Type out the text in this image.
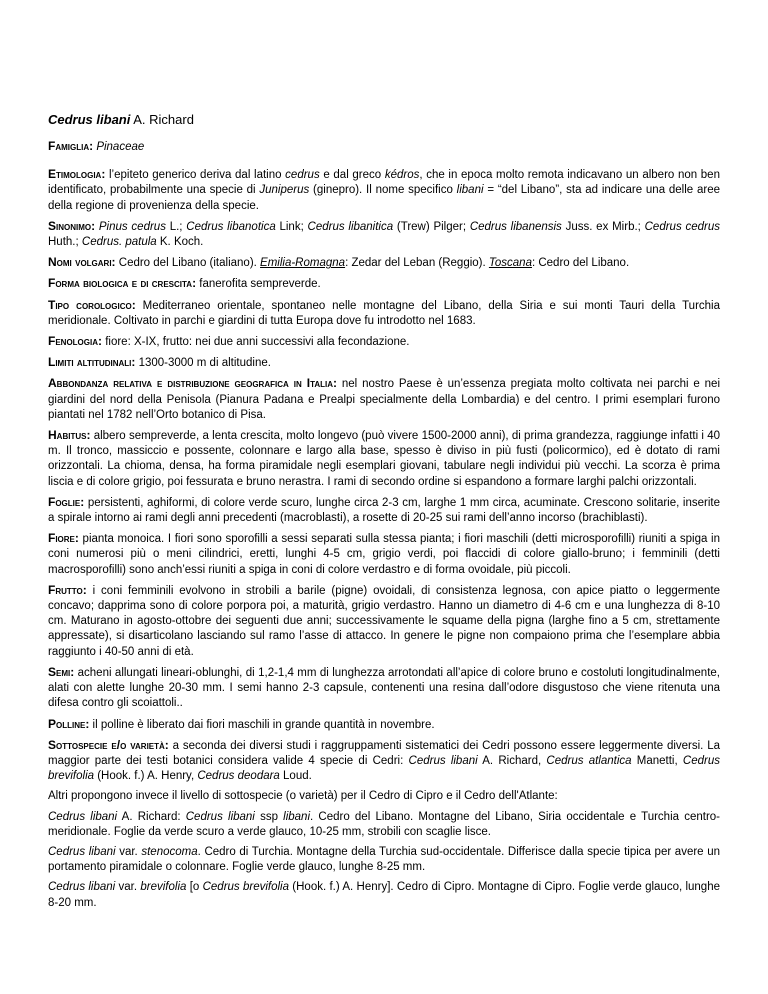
Cedrus libani A. Richard

Famiglia: Pinaceae

Etimologia: l’epiteto generico deriva dal latino cedrus e dal greco kédros, che in epoca molto remota indicavano un albero non ben identificato, probabilmente una specie di Juniperus (ginepro). Il nome specifico libani = “del Libano”, sta ad indicare una delle aree della regione di provenienza della specie.

Sinonimo: Pinus cedrus L.; Cedrus libanotica Link; Cedrus libanitica (Trew) Pilger; Cedrus libanensis Juss. ex Mirb.; Cedrus cedrus Huth.; Cedrus. patula K. Koch.

Nomi volgari: Cedro del Libano (italiano). Emilia-Romagna: Zedar del Leban (Reggio). Toscana: Cedro del Libano.

Forma biologica e di crescita: fanerofita sempreverde.

Tipo corologico: Mediterraneo orientale, spontaneo nelle montagne del Libano, della Siria e sui monti Tauri della Turchia meridionale. Coltivato in parchi e giardini di tutta Europa dove fu introdotto nel 1683.

Fenologia: fiore: X-IX, frutto: nei due anni successivi alla fecondazione.

Limiti altitudinali: 1300-3000 m di altitudine.

Abbondanza relativa e distribuzione geografica in Italia: nel nostro Paese è un’essenza pregiata molto coltivata nei parchi e nei giardini del nord della Penisola (Pianura Padana e Prealpi specialmente della Lombardia) e del centro. I primi esemplari furono piantati nel 1782 nell’Orto botanico di Pisa.

Habitus: albero sempreverde, a lenta crescita, molto longevo (può vivere 1500-2000 anni), di prima grandezza, raggiunge infatti i 40 m. Il tronco, massiccio e possente, colonnare e largo alla base, spesso è diviso in più fusti (policormico), ed è dotato di rami orizzontali. La chioma, densa, ha forma piramidale negli esemplari giovani, tabulare negli individui più vecchi. La scorza è prima liscia e di colore grigio, poi fessurata e bruno nerastra. I rami di secondo ordine si espandono a formare larghi palchi orizzontali.

Foglie: persistenti, aghiformi, di colore verde scuro, lunghe circa 2-3 cm, larghe 1 mm circa, acuminate. Crescono solitarie, inserite a spirale intorno ai rami degli anni precedenti (macroblasti), a rosette di 20-25 sui rami dell’anno incorso (brachiblasti).

Fiore: pianta monoica. I fiori sono sporofilli a sessi separati sulla stessa pianta; i fiori maschili (detti microsporofilli) riuniti a spiga in coni numerosi più o meni cilindrici, eretti, lunghi 4-5 cm, grigio verdi, poi flaccidi di colore giallo-bruno; i femminili (detti macrosporofilli) sono anch’essi riuniti a spiga in coni di colore verdastro e di forma ovoidale, più piccoli.

Frutto: i coni femminili evolvono in strobili a barile (pigne) ovoidali, di consistenza legnosa, con apice piatto o leggermente concavo; dapprima sono di colore porpora poi, a maturità, grigio verdastro. Hanno un diametro di 4-6 cm e una lunghezza di 8-10 cm. Maturano in agosto-ottobre dei seguenti due anni; successivamente le squame della pigna (larghe fino a 5 cm, strettamente appressate), si disarticolano lasciando sul ramo l’asse di attacco. In genere le pigne non compaiono prima che l’esemplare abbia raggiunto i 40-50 anni di età.

Semi: acheni allungati lineari-oblunghi, di 1,2-1,4 mm di lunghezza arrotondati all’apice di colore bruno e costoluti longitudinalmente, alati con alette lunghe 20-30 mm. I semi hanno 2-3 capsule, contenenti una resina dall’odore disgustoso che viene ritenuta una difesa contro gli scoiattoli..

Polline: il polline è liberato dai fiori maschili in grande quantità in novembre.

Sottospecie e/o varietà: a seconda dei diversi studi i raggruppamenti sistematici dei Cedri possono essere leggermente diversi. La maggior parte dei testi botanici considera valide 4 specie di Cedri: Cedrus libani A. Richard, Cedrus atlantica Manetti, Cedrus brevifolia (Hook. f.) A. Henry, Cedrus deodara Loud.

Altri propongono invece il livello di sottospecie (o varietà) per il Cedro di Cipro e il Cedro dell'Atlante:

Cedrus libani A. Richard: Cedrus libani ssp libani. Cedro del Libano. Montagne del Libano, Siria occidentale e Turchia centro-meridionale. Foglie da verde scuro a verde glauco, 10-25 mm, strobili con scaglie lisce.

Cedrus libani var. stenocoma. Cedro di Turchia. Montagne della Turchia sud-occidentale. Differisce dalla specie tipica per avere un portamento piramidale o colonnare. Foglie verde glauco, lunghe 8-25 mm.

Cedrus libani var. brevifolia [o Cedrus brevifolia (Hook. f.) A. Henry]. Cedro di Cipro. Montagne di Cipro. Foglie verde glauco, lunghe 8-20 mm.
